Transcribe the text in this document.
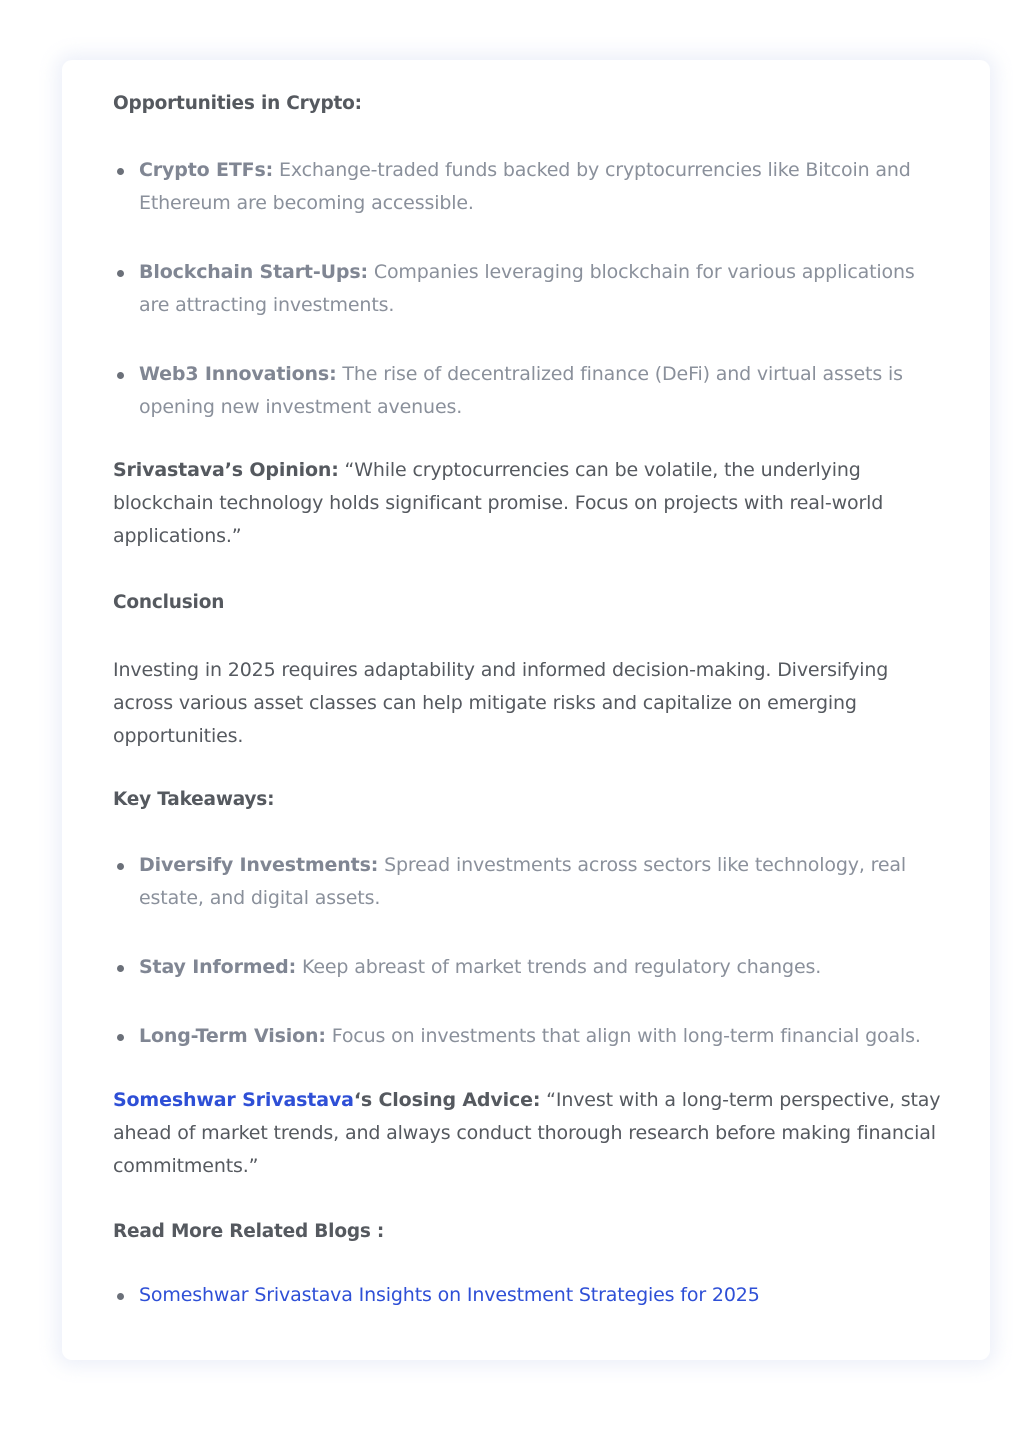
Opportunities in Crypto:

Crypto ETFs: Exchange-traded funds backed by cryptocurrencies like Bitcoin and Ethereum are becoming accessible.
Blockchain Start-Ups: Companies leveraging blockchain for various applications are attracting investments.
Web3 Innovations: The rise of decentralized finance (DeFi) and virtual assets is opening new investment avenues.

Srivastava’s Opinion: “While cryptocurrencies can be volatile, the underlying blockchain technology holds significant promise. Focus on projects with real-world applications.”

Conclusion

Investing in 2025 requires adaptability and informed decision-making. Diversifying across various asset classes can help mitigate risks and capitalize on emerging opportunities.

Key Takeaways:

Diversify Investments: Spread investments across sectors like technology, real estate, and digital assets.
Stay Informed: Keep abreast of market trends and regulatory changes.
Long-Term Vision: Focus on investments that align with long-term financial goals.

Someshwar Srivastava‘s Closing Advice: “Invest with a long-term perspective, stay ahead of market trends, and always conduct thorough research before making financial commitments.”

Read More Related Blogs :

Someshwar Srivastava Insights on Investment Strategies for 2025
